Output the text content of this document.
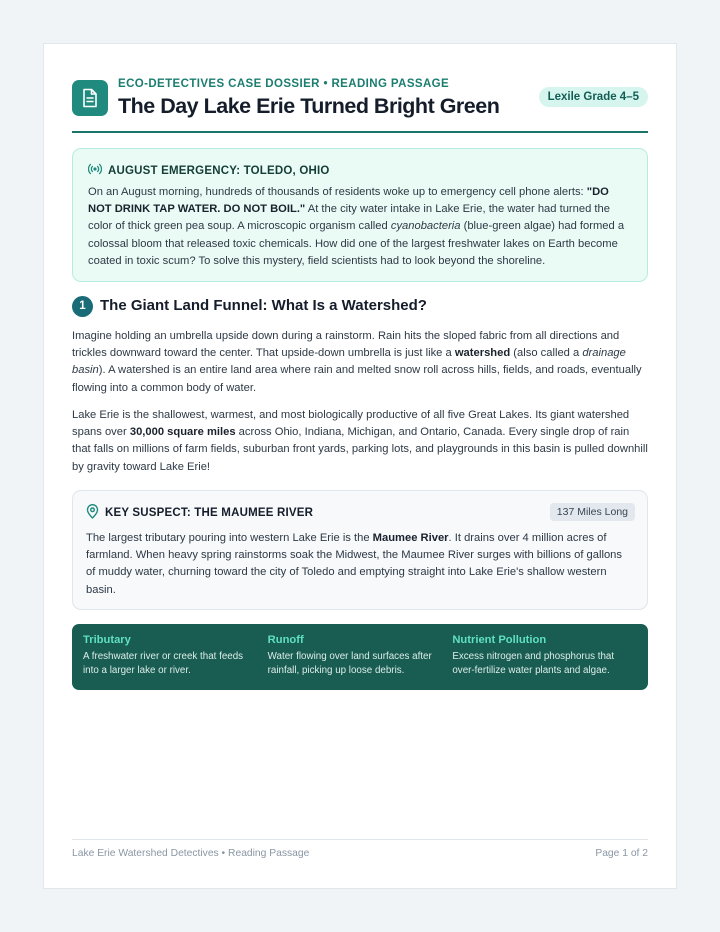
ECO-DETECTIVES CASE DOSSIER • READING PASSAGE
The Day Lake Erie Turned Bright Green	Lexile Grade 4–5
AUGUST EMERGENCY: TOLEDO, OHIO
On an August morning, hundreds of thousands of residents woke up to emergency cell phone alerts: "DO NOT DRINK TAP WATER. DO NOT BOIL." At the city water intake in Lake Erie, the water had turned the color of thick green pea soup. A microscopic organism called cyanobacteria (blue-green algae) had formed a colossal bloom that released toxic chemicals. How did one of the largest freshwater lakes on Earth become coated in toxic scum? To solve this mystery, field scientists had to look beyond the shoreline.
1 The Giant Land Funnel: What Is a Watershed?

Imagine holding an umbrella upside down during a rainstorm. Rain hits the sloped fabric from all directions and trickles downward toward the center. That upside-down umbrella is just like a watershed (also called a drainage basin). A watershed is an entire land area where rain and melted snow roll across hills, fields, and roads, eventually flowing into a common body of water.

Lake Erie is the shallowest, warmest, and most biologically productive of all five Great Lakes. Its giant watershed spans over 30,000 square miles across Ohio, Indiana, Michigan, and Ontario, Canada. Every single drop of rain that falls on millions of farm fields, suburban front yards, parking lots, and playgrounds in this basin is pulled downhill by gravity toward Lake Erie!

KEY SUSPECT: THE MAUMEE RIVER	137 Miles Long
The largest tributary pouring into western Lake Erie is the Maumee River. It drains over 4 million acres of farmland. When heavy spring rainstorms soak the Midwest, the Maumee River surges with billions of gallons of muddy water, churning toward the city of Toledo and emptying straight into Lake Erie's shallow western basin.
Tributary
A freshwater river or creek that feeds into a larger lake or river.
Runoff
Water flowing over land surfaces after rainfall, picking up loose debris.
Nutrient Pollution
Excess nitrogen and phosphorus that over-fertilize water plants and algae.
Lake Erie Watershed Detectives • Reading Passage	Page 1 of 2
